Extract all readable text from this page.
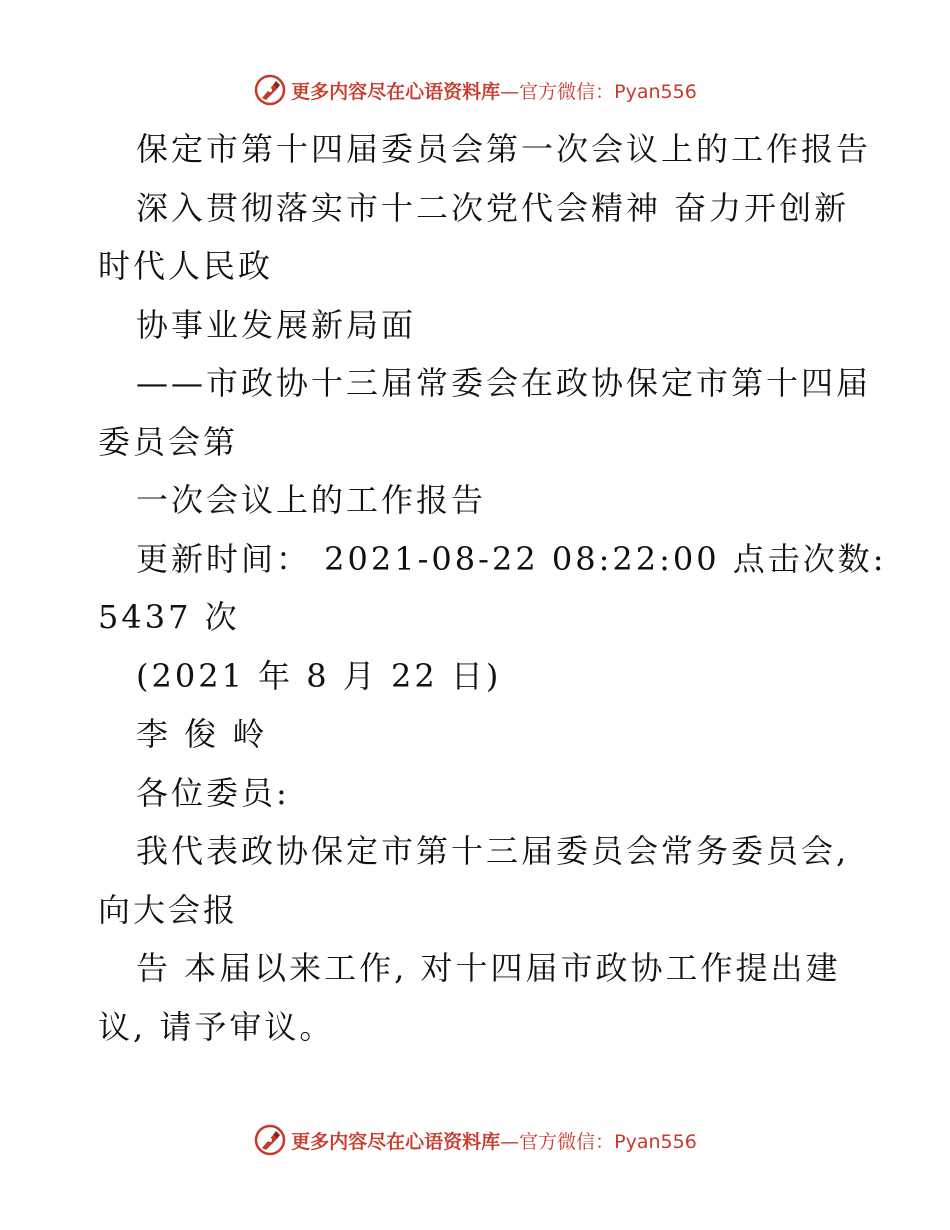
更多内容尽在心语资料库—官方微信：Pyan556
保定市第十四届委员会第一次会议上的工作报告
深入贯彻落实市十二次党代会精神 奋力开创新
时代人民政
协事业发展新局面
——市政协十三届常委会在政协保定市第十四届
委员会第
一次会议上的工作报告
更新时间： 2021-08-22 08:22:00 点击次数:
5437 次
(2021 年 8 月 22 日)
李 俊 岭
各位委员:
我代表政协保定市第十三届委员会常务委员会,
向大会报
告 本届以来工作, 对十四届市政协工作提出建
议, 请予审议。
更多内容尽在心语资料库—官方微信：Pyan556
